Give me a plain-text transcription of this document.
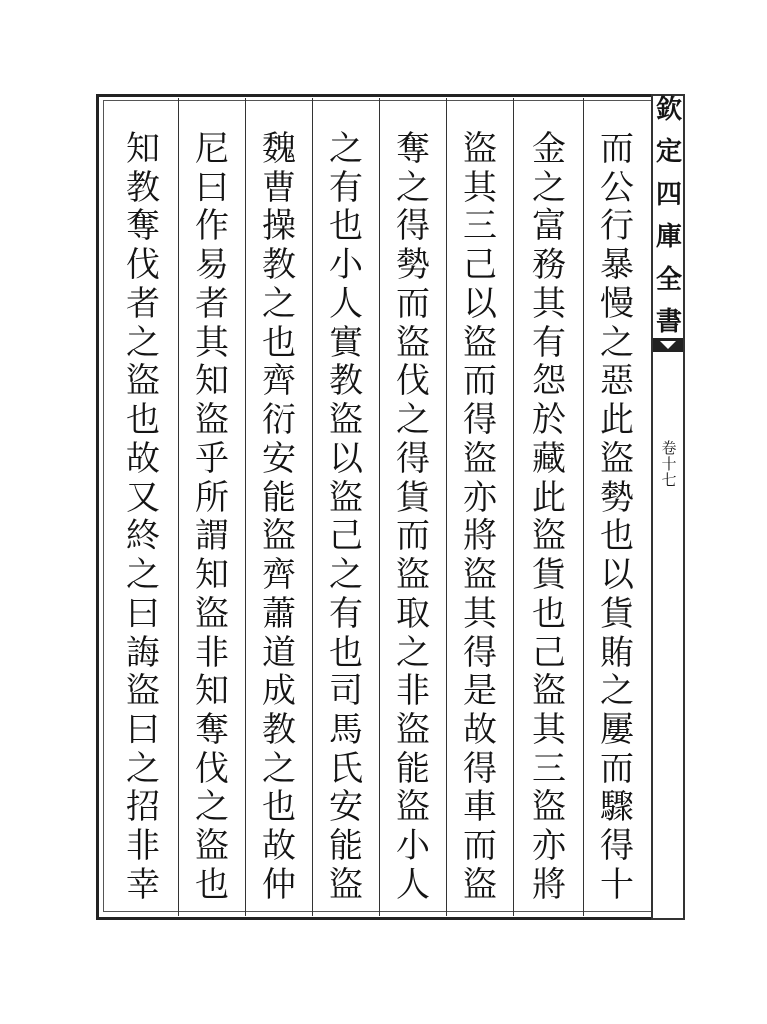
欽
定
四
庫
全
書
卷
十
七
而
公
行
暴
慢
之
惡
此
盜
勢
也
以
貨
賄
之
屢
而
驟
得
十
金
之
富
務
其
有
怨
於
藏
此
盜
貨
也
己
盜
其
三
盜
亦
將
盜
其
三
己
以
盜
而
得
盜
亦
將
盜
其
得
是
故
得
車
而
盜
奪
之
得
勢
而
盜
伐
之
得
貨
而
盜
取
之
非
盜
能
盜
小
人
之
有
也
小
人
實
教
盜
以
盜
己
之
有
也
司
馬
氏
安
能
盜
魏
曹
操
教
之
也
齊
衍
安
能
盜
齊
蕭
道
成
教
之
也
故
仲
尼
曰
作
易
者
其
知
盜
乎
所
謂
知
盜
非
知
奪
伐
之
盜
也
知
教
奪
伐
者
之
盜
也
故
又
終
之
曰
誨
盜
曰
之
招
非
幸
